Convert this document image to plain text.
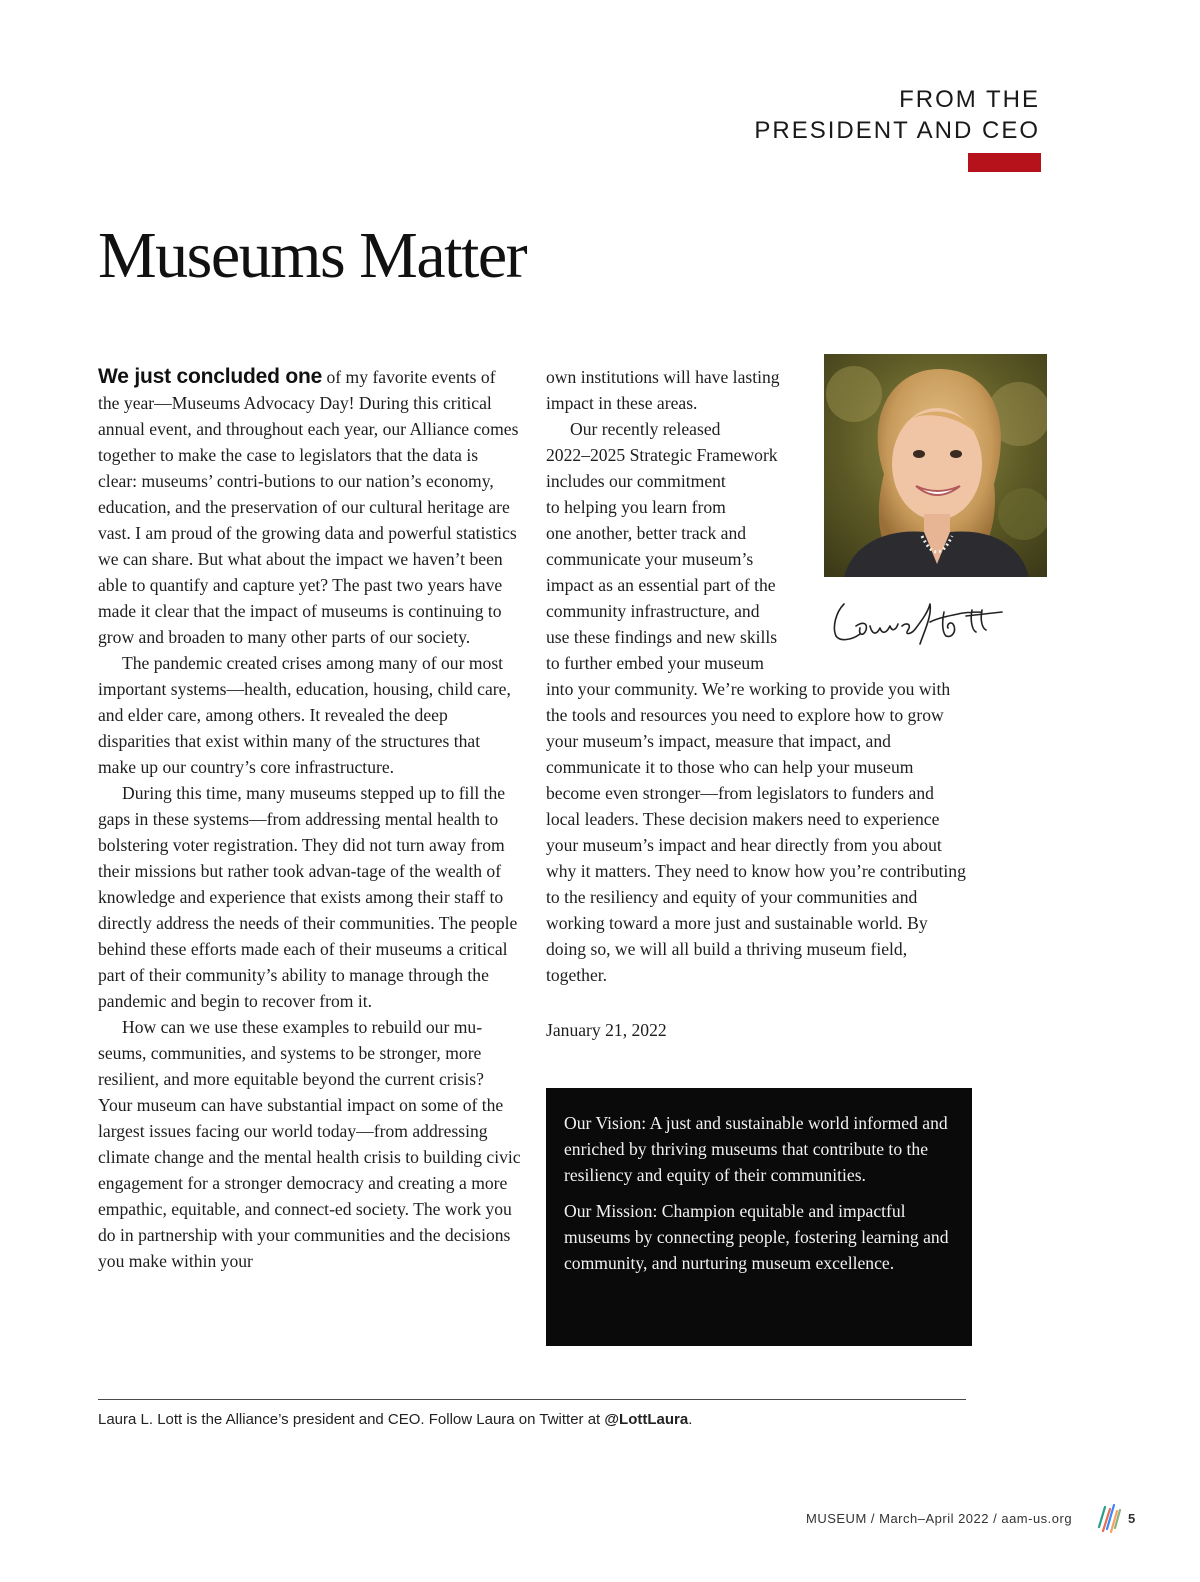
FROM THE
PRESIDENT AND CEO
Museums Matter

We just concluded one of my favorite events of the year—Museums Advocacy Day! During this critical annual event, and throughout each year, our Alliance comes together to make the case to legislators that the data is clear: museums’ contri-butions to our nation’s economy, education, and the preservation of our cultural heritage are vast. I am proud of the growing data and powerful statistics we can share. But what about the impact we haven’t been able to quantify and capture yet? The past two years have made it clear that the impact of museums is continuing to grow and broaden to many other parts of our society.

The pandemic created crises among many of our most important systems—health, education, housing, child care, and elder care, among others. It revealed the deep disparities that exist within many of the structures that make up our country’s core infrastructure.

During this time, many museums stepped up to fill the gaps in these systems—from addressing mental health to bolstering voter registration. They did not turn away from their missions but rather took advan-tage of the wealth of knowledge and experience that exists among their staff to directly address the needs of their communities. The people behind these efforts made each of their museums a critical part of their community’s ability to manage through the pandemic and begin to recover from it.

How can we use these examples to rebuild our mu-seums, communities, and systems to be stronger, more resilient, and more equitable beyond the current crisis? Your museum can have substantial impact on some of the largest issues facing our world today—from addressing climate change and the mental health crisis to building civic engagement for a stronger democracy and creating a more empathic, equitable, and connect-ed society. The work you do in partnership with your communities and the decisions you make within your

own institutions will have lasting impact in these areas.

Our recently released
2022–2025 Strategic Framework
includes our commitment
to helping you learn from
one another, better track and
communicate your museum’s
impact as an essential part of the
community infrastructure, and
use these findings and new skills
to further embed your museum

into your community. We’re working to provide you with the tools and resources you need to explore how to grow your museum’s impact, measure that impact, and communicate it to those who can help your museum become even stronger—from legislators to funders and local leaders. These decision makers need to experience your museum’s impact and hear directly from you about why it matters. They need to know how you’re contributing to the resiliency and equity of your communities and working toward a more just and sustainable world. By doing so, we will all build a thriving museum field, together.

January 21, 2022

Our Vision: A just and sustainable world informed and enriched by thriving museums that contribute to the resiliency and equity of their communities.

Our Mission: Champion equitable and impactful museums by connecting people, fostering learning and community, and nurturing museum excellence.

Laura L. Lott is the Alliance’s president and CEO. Follow Laura on Twitter at @LottLaura.

MUSEUM / March–April 2022 / aam-us.org	5
